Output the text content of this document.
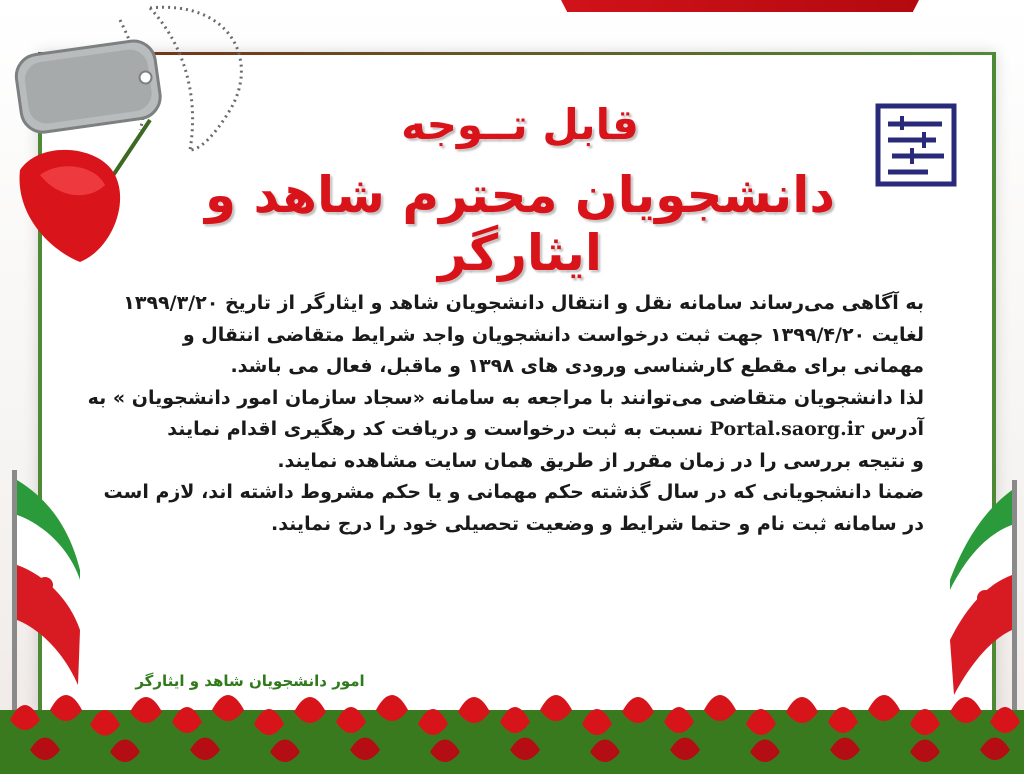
قابل تــوجه
دانشجویان محترم شاهد و ایثارگر
به آگاهی می‌رساند سامانه نقل و انتقال دانشجویان شاهد و ایثارگر از تاریخ ۱۳۹۹/۳/۲۰
لغایت ۱۳۹۹/۴/۲۰ جهت ثبت درخواست دانشجویان واجد شرایط متقاضی انتقال و
مهمانی برای مقطع کارشناسی ورودی های ۱۳۹۸ و ماقبل، فعال می باشد.
لذا دانشجویان متقاضی می‌توانند با مراجعه به سامانه «سجاد سازمان امور دانشجویان » به
آدرس Portal.saorg.ir نسبت به ثبت درخواست و دریافت کد رهگیری اقدام نمایند
و نتیجه بررسی را در زمان مقرر از طریق همان سایت مشاهده نمایند.
ضمنا دانشجویانی که در سال گذشته حکم مهمانی و یا حکم مشروط داشته اند، لازم است
در سامانه ثبت نام و حتما شرایط و وضعیت تحصیلی خود را درج نمایند.

امور دانشجویان شاهد و ایثارگر
